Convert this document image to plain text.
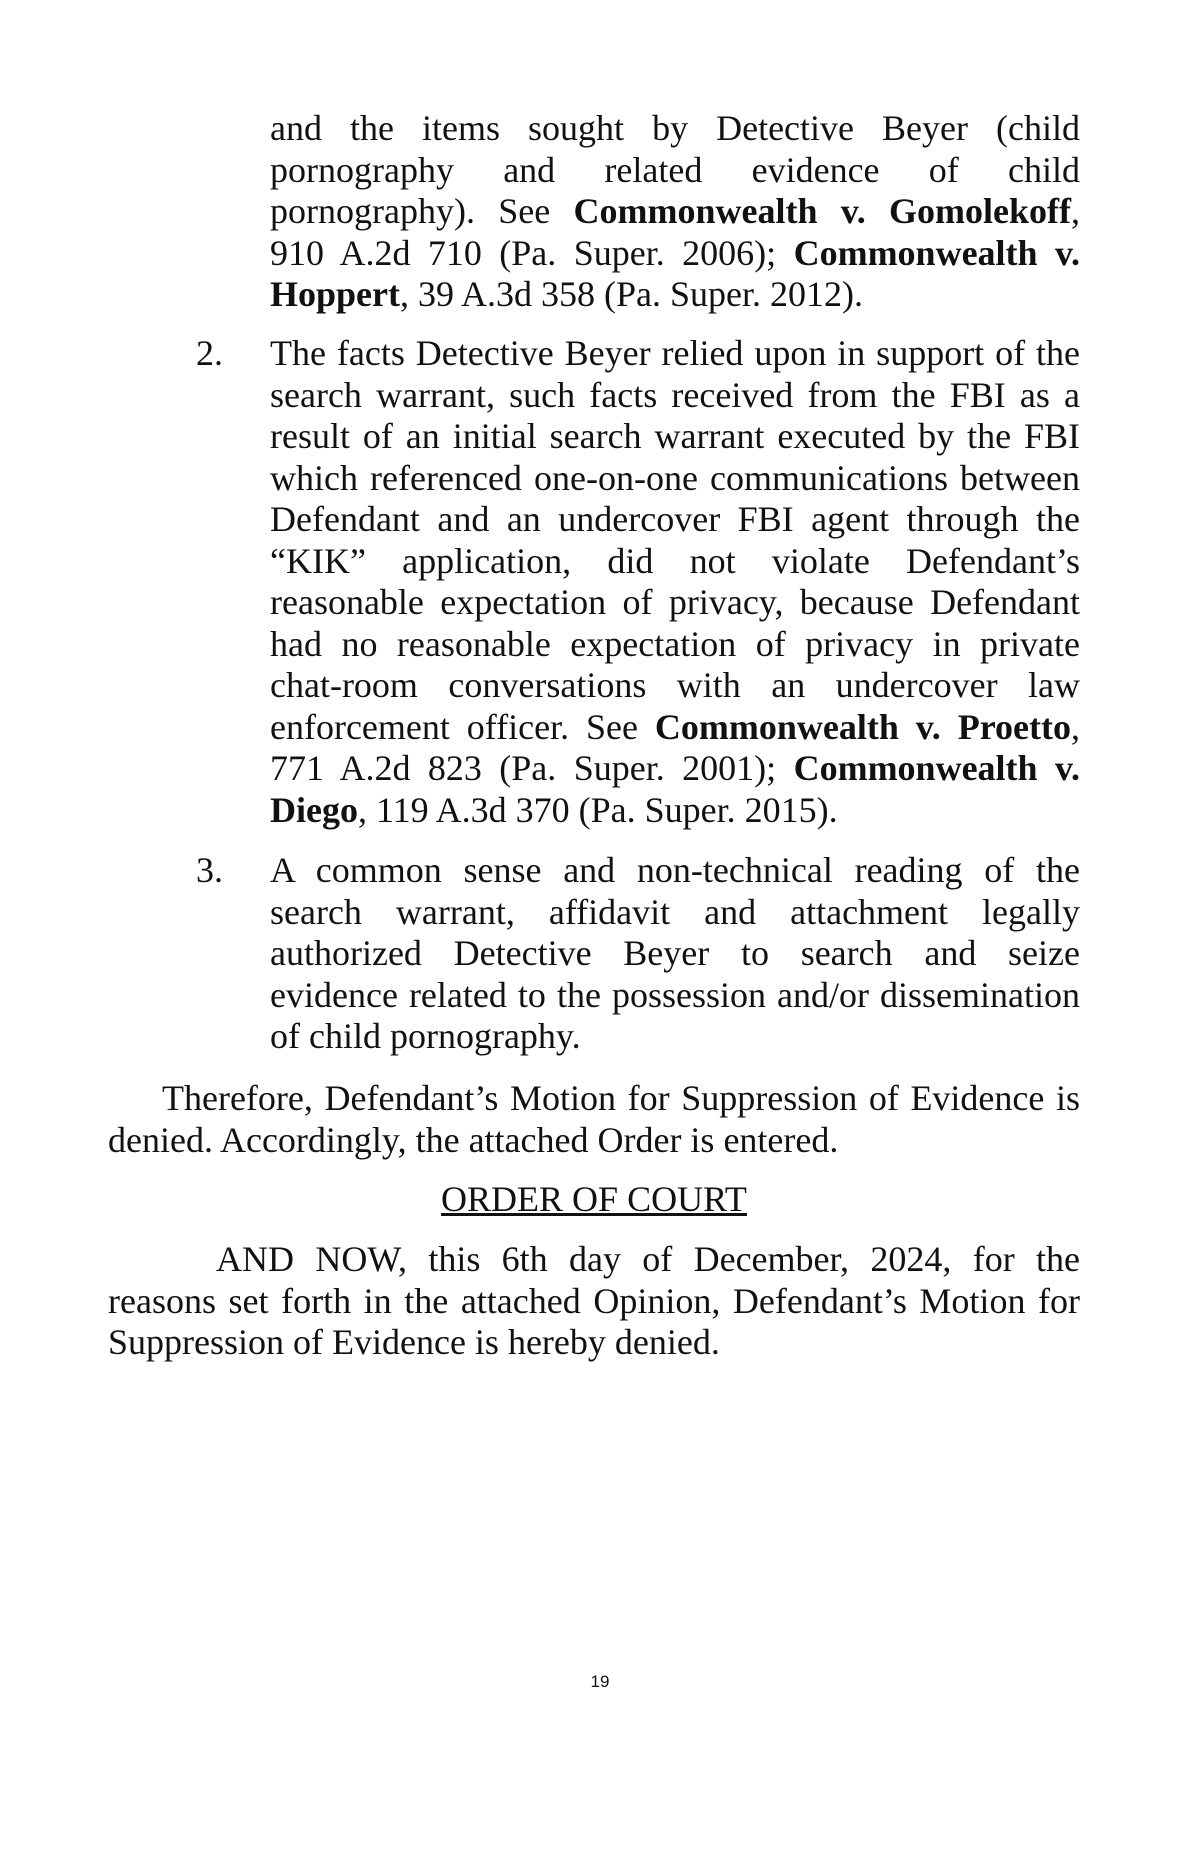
and the items sought by Detective Beyer (child pornography and related evidence of child pornography). See Commonwealth v. Gomolekoff, 910 A.2d 710 (Pa. Super. 2006); Commonwealth v. Hoppert, 39 A.3d 358 (Pa. Super. 2012).

2. The facts Detective Beyer relied upon in support of the search warrant, such facts received from the FBI as a result of an initial search warrant executed by the FBI which referenced one-on-one communications between Defendant and an undercover FBI agent through the “KIK” application, did not violate Defendant’s reasonable expectation of privacy, because Defendant had no reasonable expectation of privacy in private chat-room conversations with an undercover law enforcement officer. See Commonwealth v. Proetto, 771 A.2d 823 (Pa. Super. 2001); Commonwealth v. Diego, 119 A.3d 370 (Pa. Super. 2015).

3. A common sense and non-technical reading of the search warrant, affidavit and attachment legally authorized Detective Beyer to search and seize evidence related to the possession and/or dissemination of child pornography.

Therefore, Defendant’s Motion for Suppression of Evidence is denied. Accordingly, the attached Order is entered.

ORDER OF COURT

AND NOW, this 6th day of December, 2024, for the reasons set forth in the attached Opinion, Defendant’s Motion for Suppression of Evidence is hereby denied.

19
